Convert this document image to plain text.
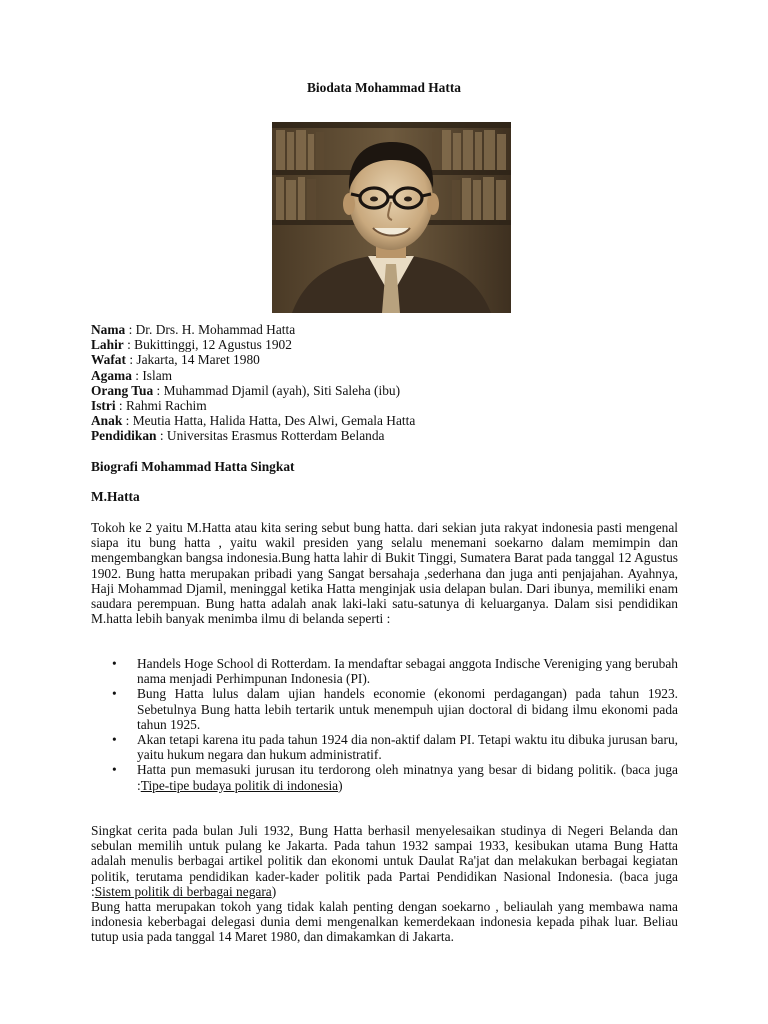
Biodata Mohammad Hatta
Nama : Dr. Drs. H. Mohammad Hatta
Lahir : Bukittinggi, 12 Agustus 1902
Wafat : Jakarta, 14 Maret 1980
Agama : Islam
Orang Tua : Muhammad Djamil (ayah), Siti Saleha (ibu)
Istri : Rahmi Rachim
Anak : Meutia Hatta, Halida Hatta, Des Alwi, Gemala Hatta
Pendidikan : Universitas Erasmus Rotterdam Belanda
Biografi Mohammad Hatta Singkat
M.Hatta
Tokoh ke 2 yaitu M.Hatta atau kita sering sebut bung hatta. dari sekian juta rakyat indonesia pasti mengenal siapa itu bung hatta , yaitu wakil presiden yang selalu menemani soekarno dalam memimpin dan mengembangkan bangsa indonesia.Bung hatta lahir di Bukit Tinggi, Sumatera Barat pada tanggal 12 Agustus 1902. Bung hatta merupakan pribadi yang Sangat bersahaja ,sederhana dan juga anti penjajahan. Ayahnya, Haji Mohammad Djamil, meninggal ketika Hatta menginjak usia delapan bulan. Dari ibunya, memiliki enam saudara perempuan. Bung hatta adalah anak laki-laki satu-satunya di keluarganya. Dalam sisi pendidikan M.hatta lebih banyak menimba ilmu di belanda seperti :
• Handels Hoge School di Rotterdam. Ia mendaftar sebagai anggota Indische Vereniging yang berubah nama menjadi Perhimpunan Indonesia (PI).
• Bung Hatta lulus dalam ujian handels economie (ekonomi perdagangan) pada tahun 1923. Sebetulnya Bung hatta lebih tertarik untuk menempuh ujian doctoral di bidang ilmu ekonomi pada tahun 1925.
• Akan tetapi karena itu pada tahun 1924 dia non-aktif dalam PI. Tetapi waktu itu dibuka jurusan baru, yaitu hukum negara dan hukum administratif.
• Hatta pun memasuki jurusan itu terdorong oleh minatnya yang besar di bidang politik. (baca juga :Tipe-tipe budaya politik di indonesia)
Singkat cerita pada bulan Juli 1932, Bung Hatta berhasil menyelesaikan studinya di Negeri Belanda dan sebulan memilih untuk pulang ke Jakarta. Pada tahun 1932 sampai 1933, kesibukan utama Bung Hatta adalah menulis berbagai artikel politik dan ekonomi untuk Daulat Ra'jat dan melakukan berbagai kegiatan politik, terutama pendidikan kader-kader politik pada Partai Pendidikan Nasional Indonesia. (baca juga :Sistem politik di berbagai negara)
Bung hatta merupakan tokoh yang tidak kalah penting dengan soekarno , beliaulah yang membawa nama indonesia keberbagai delegasi dunia demi mengenalkan kemerdekaan indonesia kepada pihak luar. Beliau tutup usia pada tanggal 14 Maret 1980, dan dimakamkan di Jakarta.
